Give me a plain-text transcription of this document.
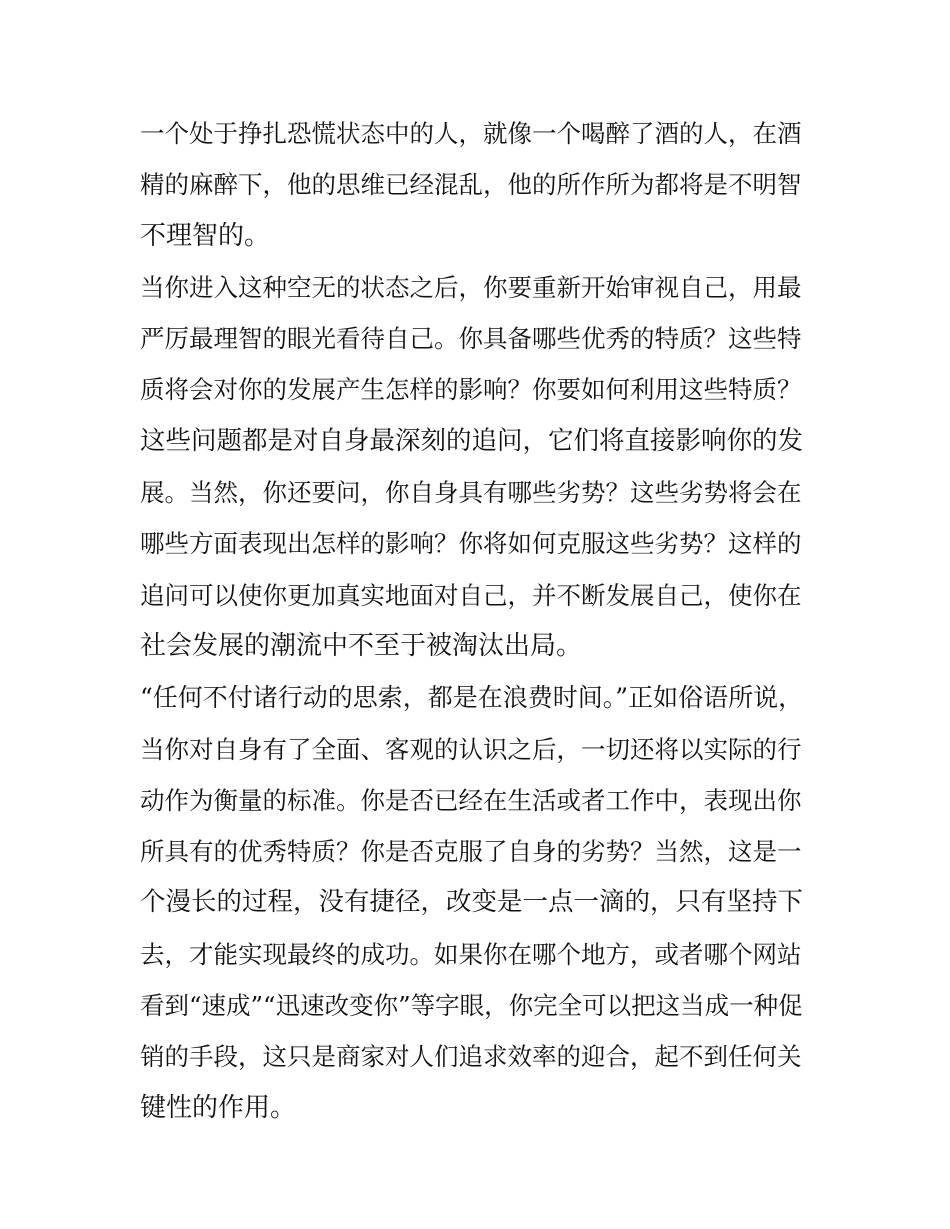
一个处于挣扎恐慌状态中的人，就像一个喝醉了酒的人，在酒
精的麻醉下，他的思维已经混乱，他的所作所为都将是不明智
不理智的。
当你进入这种空无的状态之后，你要重新开始审视自己，用最
严厉最理智的眼光看待自己。你具备哪些优秀的特质？这些特
质将会对你的发展产生怎样的影响？你要如何利用这些特质？
这些问题都是对自身最深刻的追问，它们将直接影响你的发
展。当然，你还要问，你自身具有哪些劣势？这些劣势将会在
哪些方面表现出怎样的影响？你将如何克服这些劣势？这样的
追问可以使你更加真实地面对自己，并不断发展自己，使你在
社会发展的潮流中不至于被淘汰出局。
“任何不付诸行动的思索，都是在浪费时间。”正如俗语所说，
当你对自身有了全面、客观的认识之后，一切还将以实际的行
动作为衡量的标准。你是否已经在生活或者工作中，表现出你
所具有的优秀特质？你是否克服了自身的劣势？当然，这是一
个漫长的过程，没有捷径，改变是一点一滴的，只有坚持下
去，才能实现最终的成功。如果你在哪个地方，或者哪个网站
看到“速成”“迅速改变你”等字眼，你完全可以把这当成一种促
销的手段，这只是商家对人们追求效率的迎合，起不到任何关
键性的作用。
